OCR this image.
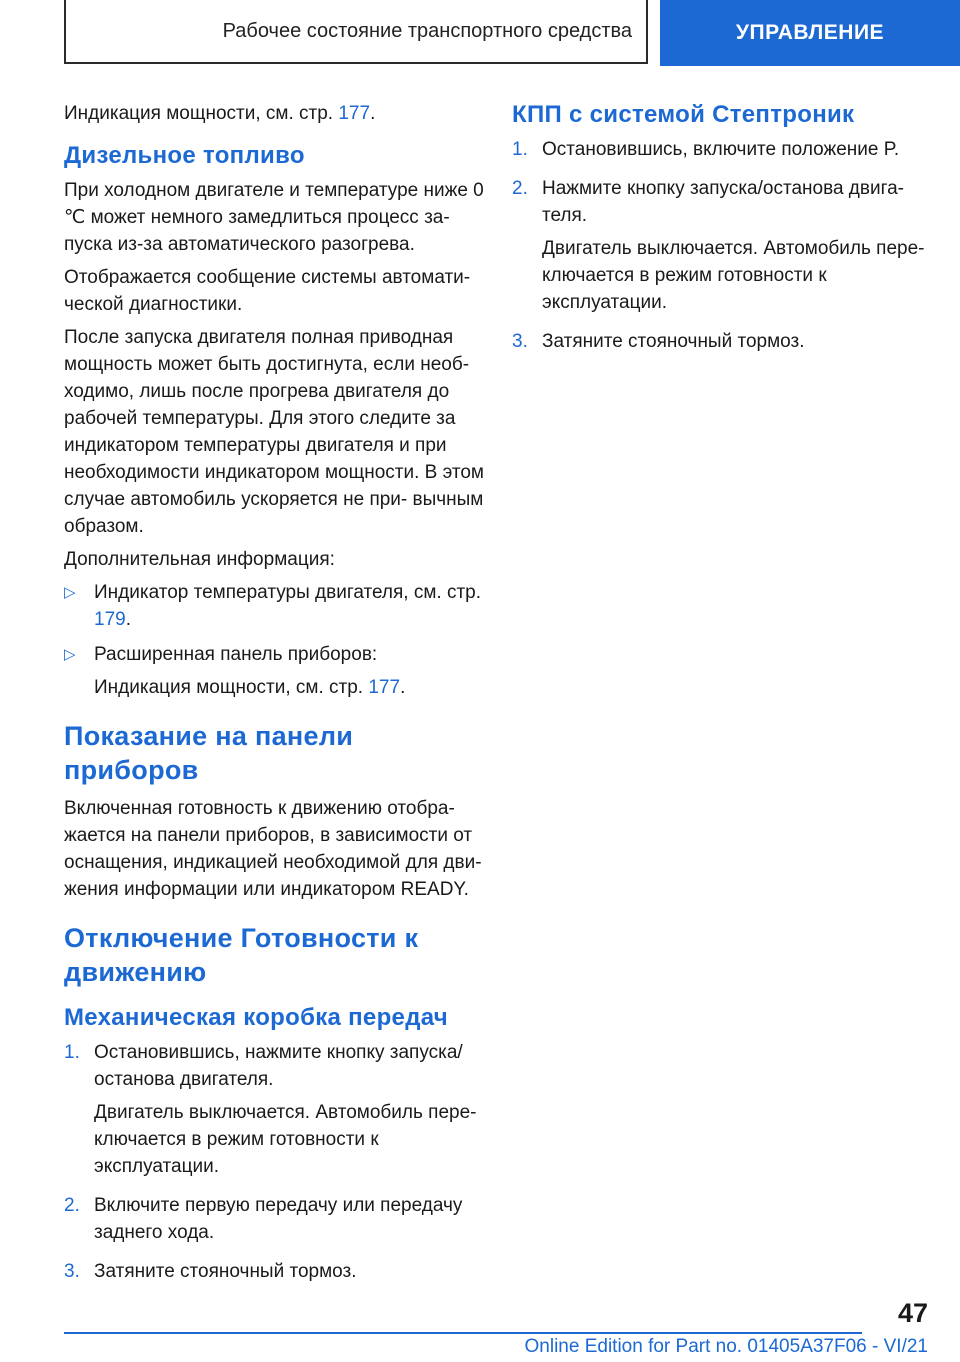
Рабочее состояние транспортного средства	УПРАВЛЕНИЕ

Индикация мощности, см. стр. 177.

Дизельное топливо

При холодном двигателе и температуре ниже 0 ℃ может немного замедлиться процесс за- пуска из-за автоматического разогрева.

Отображается сообщение системы автомати- ческой диагностики.

После запуска двигателя полная приводная мощность может быть достигнута, если необ- ходимо, лишь после прогрева двигателя до рабочей температуры. Для этого следите за индикатором температуры двигателя и при необходимости индикатором мощности. В этом случае автомобиль ускоряется не при- вычным образом.

Дополнительная информация:

▷ Индикатор температуры двигателя, см. стр. 179.

▷ Расширенная панель приборов:

Индикация мощности, см. стр. 177.

Показание на панели приборов

Включенная готовность к движению отобра- жается на панели приборов, в зависимости от оснащения, индикацией необходимой для дви- жения информации или индикатором READY.

Отключение Готовности к движению
Механическая коробка передач
1. Остановившись, нажмите кнопку запуска/ останова двигателя.

Двигатель выключается. Автомобиль пере- ключается в режим готовности к эксплуатации.

2. Включите первую передачу или передачу заднего хода.

3. Затяните стояночный тормоз.

КПП с системой Стептроник
1. Остановившись, включите положение P.

2. Нажмите кнопку запуска/останова двига- теля.

Двигатель выключается. Автомобиль пере- ключается в режим готовности к эксплуатации.

3. Затяните стояночный тормоз.

47
Online Edition for Part no. 01405A37F06 - VI/21
